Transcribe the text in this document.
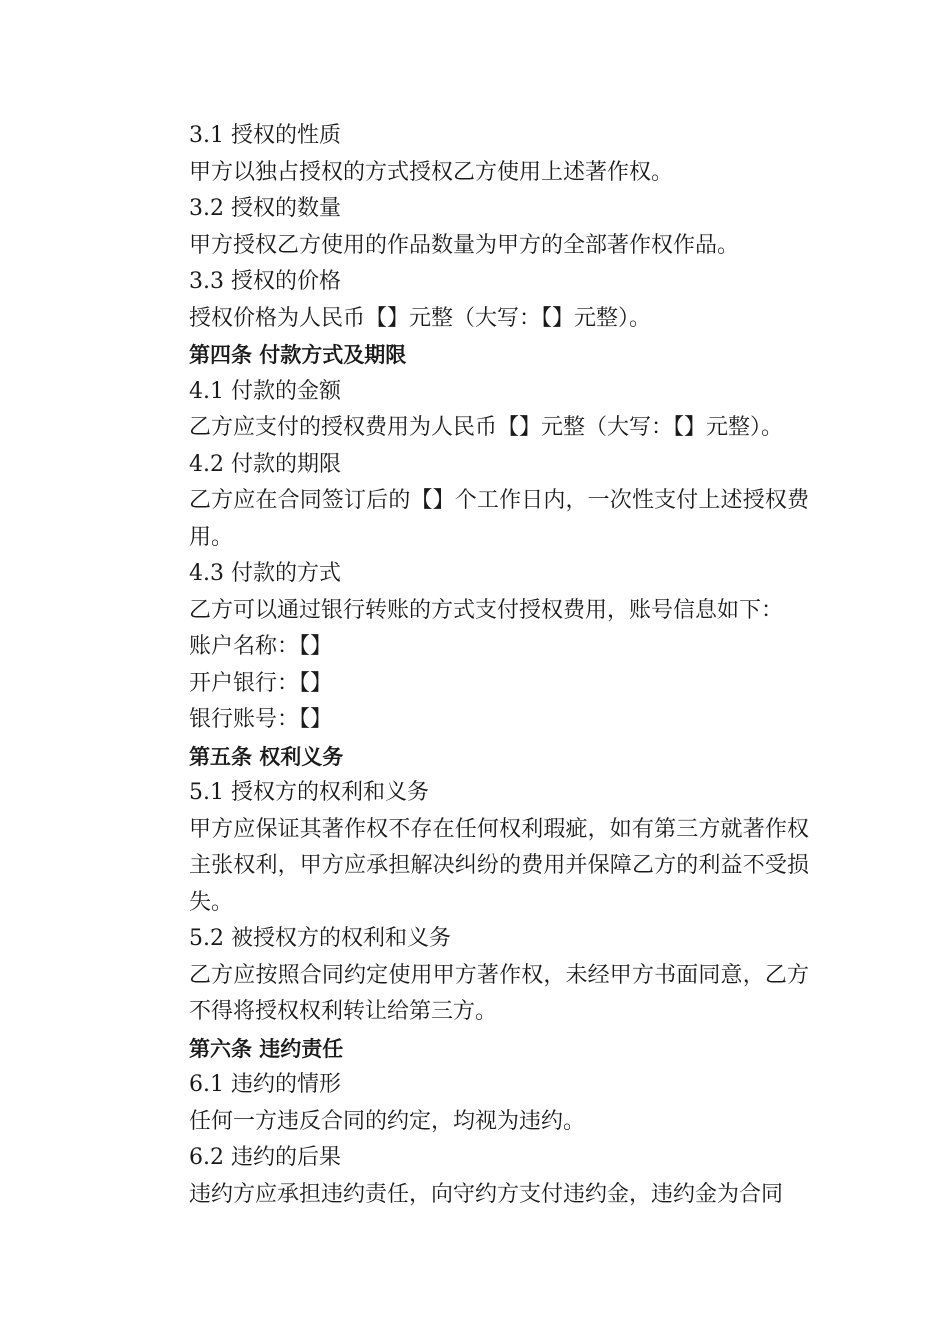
3.1 授权的性质

甲方以独占授权的方式授权乙方使用上述著作权。

3.2 授权的数量

甲方授权乙方使用的作品数量为甲方的全部著作权作品。

3.3 授权的价格

授权价格为人民币【】元整（大写：【】元整）。

第四条 付款方式及期限

4.1 付款的金额

乙方应支付的授权费用为人民币【】元整（大写：【】元整）。

4.2 付款的期限

乙方应在合同签订后的【】个工作日内，一次性支付上述授权费用。

4.3 付款的方式

乙方可以通过银行转账的方式支付授权费用，账号信息如下：

账户名称：【】

开户银行：【】

银行账号：【】

第五条 权利义务

5.1 授权方的权利和义务

甲方应保证其著作权不存在任何权利瑕疵，如有第三方就著作权主张权利，甲方应承担解决纠纷的费用并保障乙方的利益不受损失。

5.2 被授权方的权利和义务

乙方应按照合同约定使用甲方著作权，未经甲方书面同意，乙方不得将授权权利转让给第三方。

第六条 违约责任

6.1 违约的情形

任何一方违反合同的约定，均视为违约。

6.2 违约的后果

违约方应承担违约责任，向守约方支付违约金，违约金为合同
